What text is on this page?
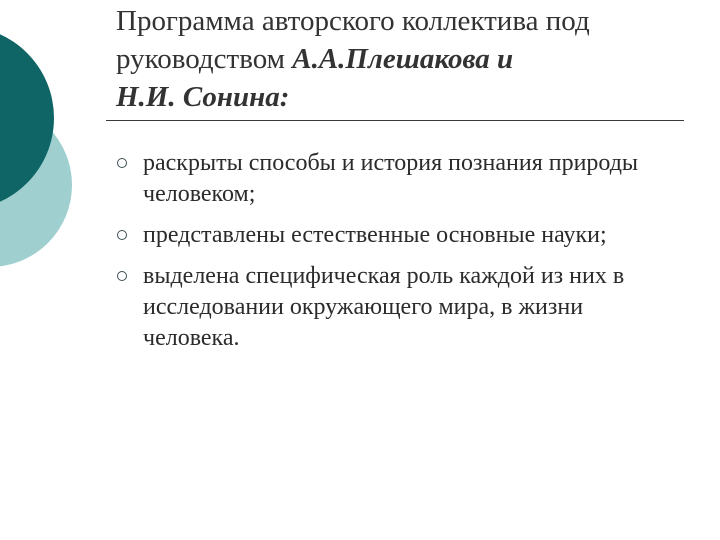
Программа авторского коллектива под
руководством А.А.Плешакова и
Н.И. Сонина:
раскрыты способы и история познания природы человеком;
представлены естественные основные науки;
выделена специфическая роль каждой из них в исследовании окружающего мира, в жизни человека.
